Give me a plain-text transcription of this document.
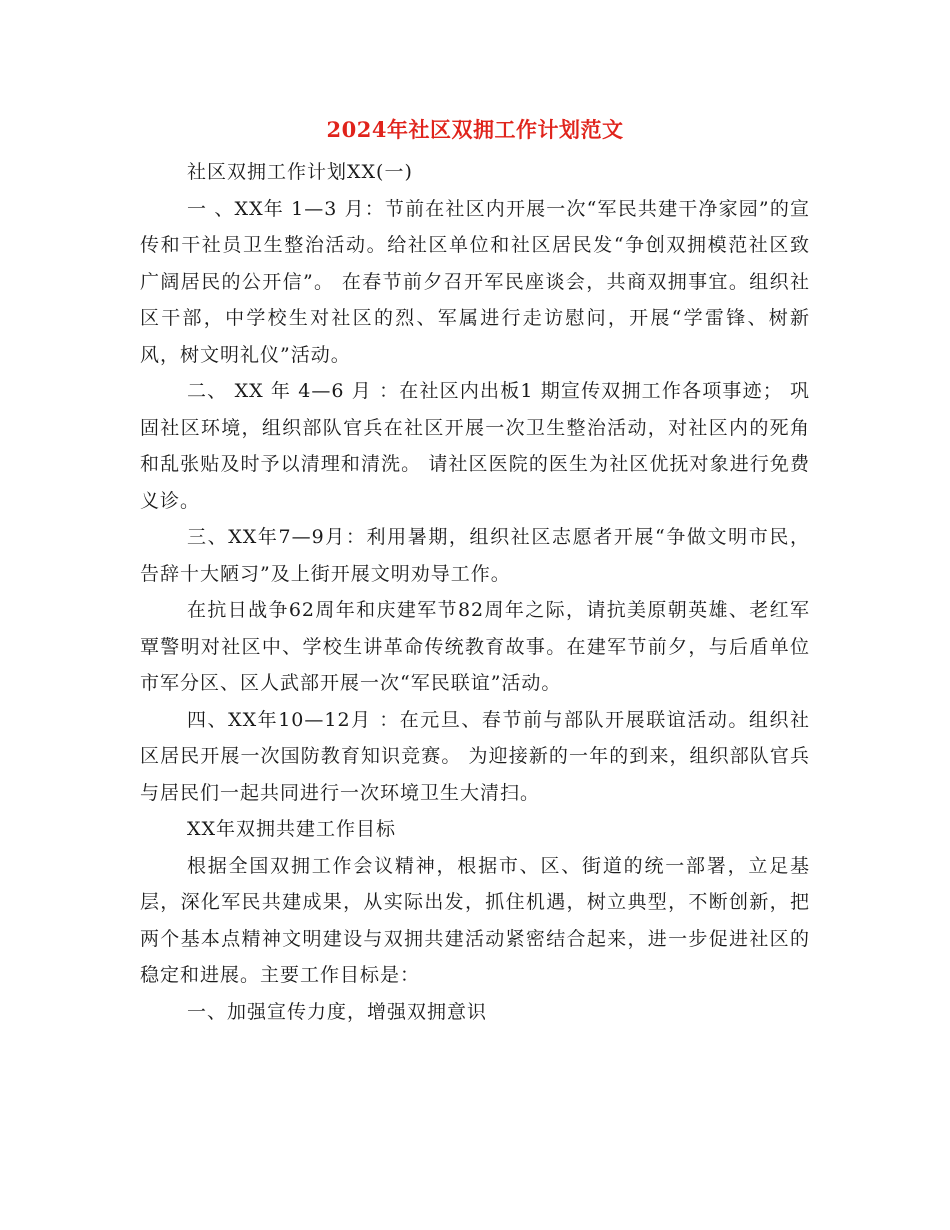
2024年社区双拥工作计划范文

社区双拥工作计划XX(一)

一 、XX年 1—3 月：节前在社区内开展一次“军民共建干净家园”的宣传和干社员卫生整治活动。给社区单位和社区居民发“争创双拥模范社区致广阔居民的公开信”。 在春节前夕召开军民座谈会，共商双拥事宜。组织社区干部，中学校生对社区的烈、军属进行走访慰问，开展“学雷锋、树新风，树文明礼仪”活动。

二、 XX 年 4—6 月 ：在社区内出板1 期宣传双拥工作各项事迹； 巩固社区环境，组织部队官兵在社区开展一次卫生整治活动，对社区内的死角和乱张贴及时予以清理和清洗。 请社区医院的医生为社区优抚对象进行免费义诊。

三、XX年7—9月：利用暑期，组织社区志愿者开展“争做文明市民，告辞十大陋习”及上街开展文明劝导工作。

在抗日战争62周年和庆建军节82周年之际，请抗美原朝英雄、老红军覃警明对社区中、学校生讲革命传统教育故事。在建军节前夕，与后盾单位市军分区、区人武部开展一次“军民联谊”活动。

四、XX年10—12月 ：在元旦、春节前与部队开展联谊活动。组织社区居民开展一次国防教育知识竞赛。 为迎接新的一年的到来，组织部队官兵与居民们一起共同进行一次环境卫生大清扫。

XX年双拥共建工作目标

根据全国双拥工作会议精神，根据市、区、街道的统一部署，立足基层，深化军民共建成果，从实际出发，抓住机遇，树立典型，不断创新，把两个基本点精神文明建设与双拥共建活动紧密结合起来，进一步促进社区的稳定和进展。主要工作目标是：

一、加强宣传力度，增强双拥意识
